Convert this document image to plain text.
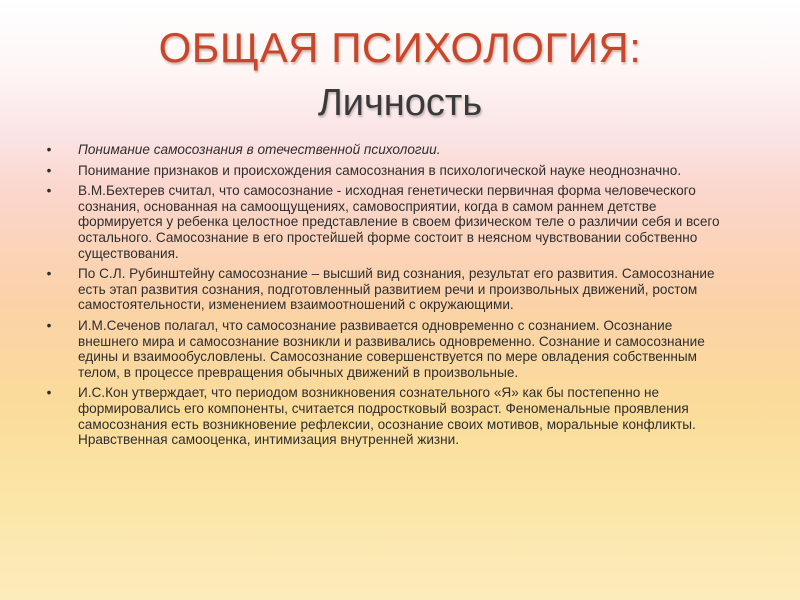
ОБЩАЯ ПСИХОЛОГИЯ:
Личность
• Понимание самосознания в отечественной психологии.
• Понимание признаков и происхождения самосознания в психологической науке неоднозначно.
• В.М.Бехтерев считал, что самосознание - исходная генетически первичная форма человеческого сознания, основанная на самоощущениях, самовосприятии, когда в самом раннем детстве формируется у ребенка целостное представление в своем физическом теле о различии себя и всего остального. Самосознание в его простейшей форме состоит в неясном чувствовании собственно существования.
• По С.Л. Рубинштейну самосознание – высший вид сознания, результат его развития. Самосознание есть этап развития сознания, подготовленный развитием речи и произвольных движений, ростом самостоятельности, изменением взаимоотношений с окружающими.
• И.М.Сеченов полагал, что самосознание развивается одновременно с сознанием. Осознание внешнего мира и самосознание возникли и развивались одновременно. Сознание и самосознание едины и взаимообусловлены. Самосознание совершенствуется по мере овладения собственным телом, в процессе превращения обычных движений в произвольные.
• И.С.Кон утверждает, что периодом возникновения сознательного «Я» как бы постепенно не формировались его компоненты, считается подростковый возраст. Феноменальные проявления самосознания есть возникновение рефлексии, осознание своих мотивов, моральные конфликты. Нравственная самооценка, интимизация внутренней жизни.
